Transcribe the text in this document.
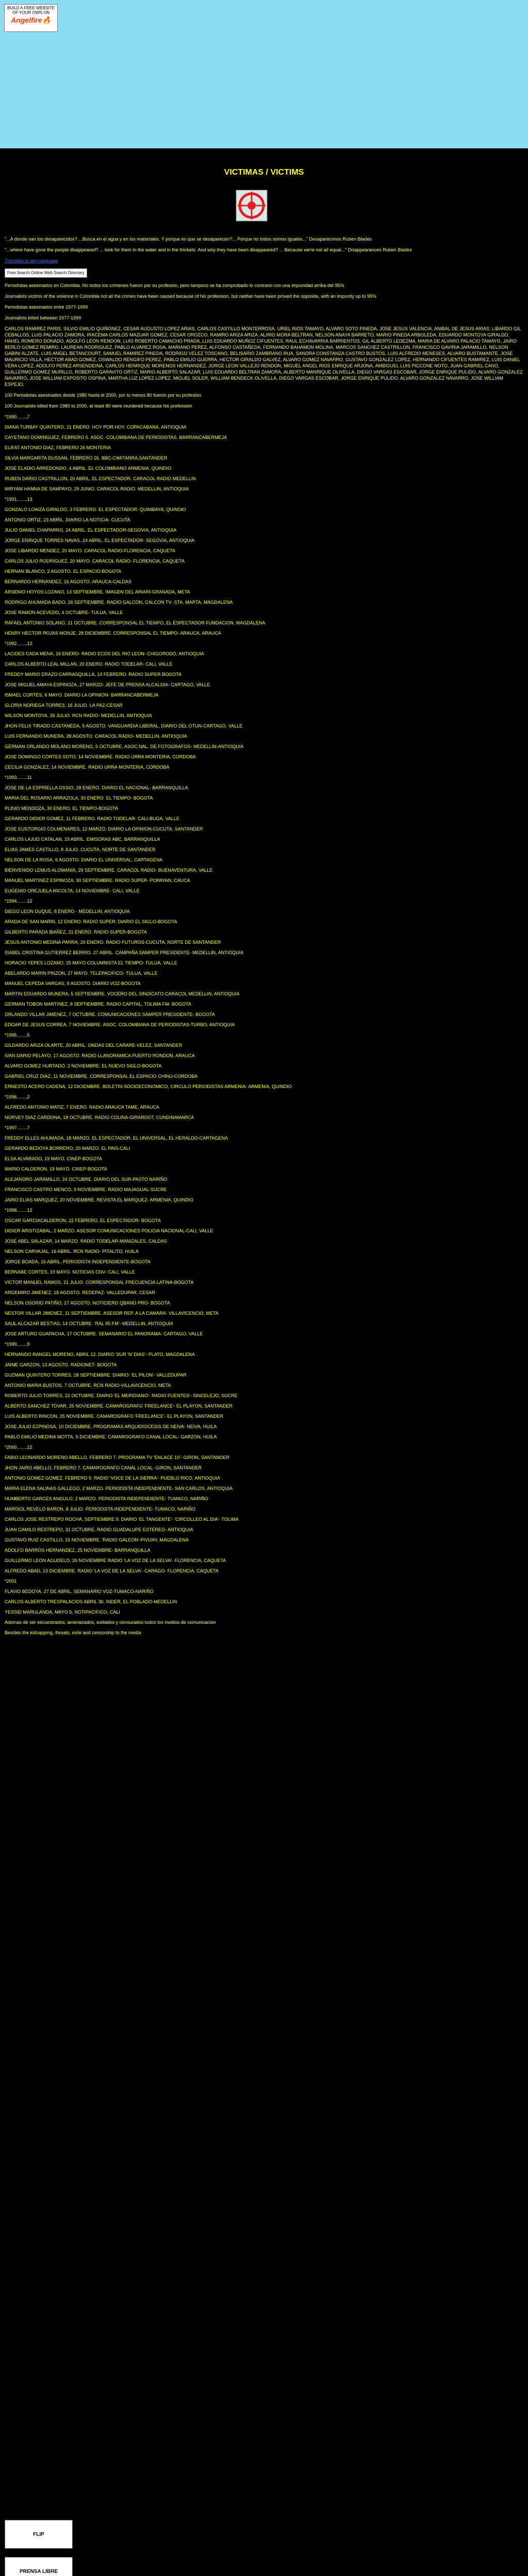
BUILD A FREE WEBSITE OF YOUR OWN ON
Angelfire🔥
VICTIMAS / VICTIMS

"...A donde van los desaparecidos? ...Busca en el agua y en los matorrales. Y porque es que se desaparecen?... Porque no todos somos iguales..." Desaparecimos Ruben Blades

"...where have gone the people disappeared? ... look for them in the water and in the thickets. And why they have been disappeared? ... Because we're not all equal..." Disappearances Ruben Blades

Translate to any language

Free Search Online Web Search Directory

Periodistas asesinados en Colombia. No todos los crímenes fueron por su profesión, pero tampoco se ha comprobado lo contrario con una impunidad arriba del 95%

Journalists victims of the violence in Colombia not all the crimes have been caused because of his profession, but neither have been proved the opposite, with an impunity up to 95%

Periodistas asesinados entre 1977-1999

Journalists killed between 1977-1999

CARLOS RAMIREZ PARIS, SILVIO EMILIO QUIÑONEZ, CESAR AUGUSTO LOPEZ ARIAS, CARLOS CASTILLO MONTERROSA, URIEL RIOS TAMAYO, ALVARO SOTO PINEDA, JOSE JESUS VALENCIA, ANIBAL DE JESUS ARIAS, LIBARDO GIL CEBALLOS, LUIS PALACIO ZAMORA, IRACEMA CARLOS MAZUAR GOMEZ, CESAR OROZCO, RAMIRO ARIZA ARIZA, ALIRIO MORA BELTRAN, NELSON ANAYA BARRETO, MARIO PINEDA ARBOLEDA, EDUARDO MONTOYA GIRALDO, HAHEL ROMERO DONADO, ADOLFO LEON RENDON, LUIS ROBERTO CAMACHO PRADA, LUIS EDUARDO MUÑOZ CIFUENTES, RAUL ECHAVARRIA BARRIENTOS, GIL ALBERTO LEDEZMA, MARIA DE ALVARO PALACIO TAMAYO, JAIRO BERLO GOMEZ REMIRO, LAUREAN RODRIGUEZ, PABLO ALVAREZ ROSA, MARIANO PEREZ, ALFONSO CASTAÑEDA, FERNANDO BAHAMON MOLINA, MARCOS SANCHEZ CASTRILLON, FRANCISCO GAVIRIA JARAMILLO, NELSON GABINI ALZATE, LUIS ANGEL BETANCOURT, SAMUEL RAMIREZ PINEDA, RODRIGO VELEZ TOSCANO, BELISARIO ZAMBRANO RUA, SANDRA CONSTANZA CASTRO BUSTOS, LUIS ALFREDO MENESES, ALVARO BUSTAMANTE, JOSE MAURICIO VILLA, HECTOR ABAD GOMEZ, OSWALDO RENGIFO PEREZ, PABLO EMILIO GUERRA, HECTOR GIRALDO GALVEZ, ALVARO GOMEZ NAVARRO, GUSTAVO GONZALEZ LOPEZ, HERNANDO CIFUENTES RAMIREZ, LUIS DANIEL VERA LOPEZ, ADOLFO PEREZ ARSENDEINA, CARLOS HENRIQUE MORENOS HERNANDEZ, JORGE LEON VALLEJO RENDON, MIGUEL ANGEL RIOS ENRIQUE ARJONA, AMBIGUEL LUIS PICCONE NOTO, JUAN GABRIEL CANO, GUILLERMO GOMEZ MURILLO, ROBERTO GARAVITO ORTIZ, MARIO ALBERTO SALAZAR, LUIS EDUARDO BELTRAN ZAMORA, ALBERTO MANRIQUE OLIVELLA, DIEGO VARGAS ESCOBAR, JORGE ENRIQUE PULIDO, ALVARO GONZALEZ NAVARRO, JOSE WILLIAM EXPOSITO OSPINA, MARTHA LUZ LOPEZ LOPEZ, MIGUEL SOLER, WILLIAM BENDECK OLIVELLA, DIEGO VARGAS ESCOBAR, JORGE ENRIQUE PULIDO, ALVARO GONZALEZ NAVARRO, JOSE WILLIAM ESPEJO.

100 Periodistas asesinados desde 1980 hasta el 2000, por lo menos 80 fueron por su profesion.

100 Journalists killed from 1980 to 2000, at least 80 were murdered because his profession

*1990........7

DIANA TURBAY QUINTERO, 21 ENERO. HOY POR HOY. COPACABANA, ANTIOQUIA

CAYETANO DOMINGUEZ, FEBRERO 5. ASOC. COLOMBIANA DE PERIODISTAS. BARRANCABERMEJA

ELIFAT ANTONIO DIAZ, FEBRERO 26 MONTERIA

SILVIA MARGARITA DUSSAN, FEBRERO 26. BBC-CIMITARRA,SANTANDER

JOSE ELADIO ARREDONDO, 4 ABRIL. EL COLOMBIANO ARMENIA, QUINDIO

RUBEN DARIO CASTRILLON, 20 ABRIL. EL ESPECTADOR. CARACOL RADIO MEDELLIN

MIRYAM HANNA DE SAMPAYO, 29 JUNIO. CARACOL RADIO. MEDELLIN, ANTIOQUIA

*1991........13

GONZALO LOAIZA GIRALDO, 3 FEBRERO. EL ESPECTADOR- QUIMBAYA, QUINDIO

ANTONIO ORTIZ, 23 ABRIL. DIARIO LA NOTICIA- CUCUTA

JULIO DANIEL CHAPARRO, 24 ABRIL. EL ESPECTADOR-SEGOVIA, ANTIOQUIA

JORGE ENRIQUE TORRES NAVAS, 24 ABRIL. EL ESPECTADOR- SEGOVIA, ANTIOQUIA

JOSE LIBARDO MENDEZ, 20 MAYO. CARACOL RADIO-FLORENCIA, CAQUETA

CARLOS JULIO RODRIGUEZ, 20 MAYO. CARACOL RADIO- FLORENCIA, CAQUETA

HERNAN BLANCO, 2 AGOSTO. EL ESPACIO-BOGOTA

BERNARDO HERNANDEZ, 16 AGOSTO. ARAUCA-CALDAS

ARSENIO HOYOS LOZANO, 13 SEPTIEMBRE. IMAGEN DEL ARIARI-GRANADA, META

RODRIGO AHUMADA BADO, 26 SEPTIEMBRE. RADIO GALCON, CALCON TV- STA. MARTA, MAGDALENA

JOSE RAMON ACEVEDO, 4 OCTUBRE- TULUA, VALLE

RAFAEL ANTONIO SOLANO, 21 OCTUBRE. CORRESPONSAL EL TIEMPO, EL ESPECTADOR FUNDACION, MAGDALENA

HENRY HECTOR ROJAS MONJE, 28 DICIEMBRE. CORRESPONSAL EL TIEMPO- ARAUCA, ARAUCA

*1992........12

LACIDES CADA MENA, 16 ENERO- RADIO ECOS DEL RIO LEON- CHIGORODO, ANTIOQUIA

CARLOS ALBERTO LEAL MILLAN, 20 ENERO. RADIO TODELAR- CALI, VALLE

FREDDY MARIO ERAZO CARRASQUILLA, 14 FEBRERO. RADIO SUPER-BOGOTA

JOSE MIGUEL AMAYA ESPINOZA, 27 MARZO- JEFE DE PRENSA ALCALDIA- CARTAGO, VALLE

ISMAEL CORTES, 6 MAYO. DIARIO LA OPINION- BARRANCABERMEJA

GLORIA NORIEGA TORRES, 16 JULIO. LA PAZ-CESAR

WILSON MONTOYA, 26 JULIO. RCN RADIO- MEDELLIN, ANTIOQUIA

JHON FELIX TIRADO CASTANEDA, 5 AGOSTO. VANGUARDIA LIBERAL, DIARIO DEL OTUN-CARTAGO, VALLE

LUIS FERNANDO MUNERA, 28 AGOSTO. CARACOL RADIO- MEDELLIN, ANTIOQUIA

GERMAN ORLANDO MOLANO MORENO, 5 OCTUBRE. ASOC.NAL. DE FOTOGRAFOS- MEDELLIN-ANTIOQUIA

JOSE DOMINGO CORTES SOTO, 14 NOVIEMBRE. RADIO URRA MONTERIA, CORDOBA

CECILIA GONZALEZ, 14 NOVIEMBRE. RADIO URRA-MONTERIA, CORDOBA

*1993........11

JOSE DE LA ESPRIELLA OSSIO, 28 ENERO. DIARIO EL NACIONAL- BARRANQUILLA

MARIA DEL ROSARIO ARRAZOLA, 30 ENERO. EL TIEMPO- BOGOTA

PLINIO MENDOZA, 30 ENERO. EL TIEMPO-BOGOTA

GERARDO DIDIER GOMEZ, 11 FEBRERO. RADIO TODELAR- CALI-BUGA, VALLE

JOSE EUSTORGIO COLMENARES, 12 MARZO. DIARIO LA OPINION-CUCUTA, SANTANDER

CARLOS LAJUD CATALAN, 19 ABRIL. EMISORAS ABC, BARRANQUILLA

ELIAS JAMES CASTILLO, 8 JULIO. CUCUTA, NORTE DE SANTANDER

NELSON DE LA ROSA, 6 AGOSTO. DIARIO EL UNIVERSAL, CARTAGENA

BIENVENIDO LEMUS ALOMANIA, 29 SEPTIEMBRE. CARACOL RADIO- BUENAVENTURA, VALLE

MANUEL MARTINEZ ESPINOZA, 30 SEPTIEMBRE. RADIO SUPER- POPAYAN, CAUCA

EUGENIO OREJUELA MICOLTA, 14 NOVIEMBRE- CALI, VALLE

*1994........12

DIEGO LEON DUQUE, 8 ENERO - MEDELLIN, ANTIOQUIA

ARADA DE SAN MARIN, 12 ENERO. RADIO SUPER; DIARIO EL SIGLO-BOGOTA

GILBERTO PARADA IBAÑEZ, 21 ENERO. RADIO SUPER-BOGOTA

JESUS ANTONIO MEDINA PARRA, 29 ENERO. RADIO FUTUROS-CUCUTA, NORTE DE SANTANDER

ISABEL CRISTINA GUTIERREZ BERRIO, 27 ABRIL. CAMPAÑA SAMPER PRESIDENTE- MEDELLIN, ANTIOQUIA

HORACIO YEPES LOZANO, 25 MAYO COLUMNISTA EL TIEMPO- TULUA, VALLE

ABELARDO MARIN PINZON, 27 MAYO. TELEPACIFICO- TULUA, VALLE

MANUEL CEPEDA VARGAS, 9 AGOSTO. DIARIO VOZ-BOGOTA

MARTIN EDUARDO MUNERA, 5 SEPTIEMBRE. VOCERO DEL SINDICATO CARACOL MEDELLIN, ANTIOQUIA

GERMAN TOBON MARTINEZ, 8 SEPTIEMBRE. RADIO CAPITAL, TOLIMA FM- BOGOTA

ORLANDO VILLAR JIMENEZ, 7 OCTUBRE. COMUNICACIONES SAMPER PRESIDENTE- BOGOTA

EDGAR DE JESUS CORREA, 7 NOVIEMBRE. ASOC. COLOMBIANA DE PERIODISTAS-TURBO, ANTIOQUIA

*1995........5

GILDARDO ARIZA OLARTE, 20 ABRIL. ONDAS DEL CARARE-VELEZ, SANTANDER

IVAN DARIO PELAYO, 17 AGOSTO. RADIO LLANORAMICA PUERTO RONDON, ARAUCA

ALVARO GOMEZ HURTADO, 2 NOVIEMBRE. EL NUEVO SIGLO-BOGOTA

GABRIEL CRUZ DIAZ, 11 NOVIEMBRE. CORRESPONSAL EL ESPACIO CHINU-CORDOBA

ERNESTO ACERO CADENA, 12 DICIEMBRE. BOLETIN SOCIOECONOMICO, CIRCULO PERIODISTAS ARMENIA- ARMENIA, QUINDIO

*1996........2

ALFREDO ANTONIO MATIZ, 7 ENERO. RADIO ARAUCA TAME, ARAUCA

NORVEY DIAZ CARDONA, 18 OCTUBRE. RADIO COLINA-GIRARDOT, CUNDINAMARCA

*1997........7

FREDDY ELLES AHUMADA, 18 MARZO. EL ESPECTADOR, EL UNIVERSAL, EL HERALDO-CARTAGENA

GERARDO BEDOYA BORRERO, 20 MARZO. EL PAIS-CALI

ELSA ALVARADO, 19 MAYO. CINEP-BOGOTA

MARIO CALDERON, 19 MAYO. CINEP-BOGOTA

ALEJANDRO JARAMILLO, 24 OCTUBRE. DIARIO DEL SUR-PASTO NARIÑO

FRANCISCO CASTRO MENCO, 9 NOVIEMBRE. RADIO MAJAGUAL-SUCRE

JAIRO ELIAS MARQUEZ, 20 NOVIEMBRE. REVISTA EL MARQUEZ- ARMENIA, QUINDIO

*1998........12

OSCAR GARCIACALDERON, 22 FEBRERO. EL ESPECTADOR- BOGOTA

DIDIER ARISTIZABAL, 2 MARZO. ASESOR COMUNICACIONES POLICIA NACIONAL-CALI, VALLE

JOSE ABEL SALAZAR, 14 MARZO. RADIO TODELAR-MANIZALES, CALDAS

NELSON CARVAJAL, 16 ABRIL. RCN RADIO- PITALITO, HUILA

JORGE BOADA, 16 ABRIL. PERIODISTA INDEPENDIENTE-BOGOTA

BERNABE CORTES, 19 MAYO. NOTICIAS CNV- CALI, VALLE

VICTOR MANUEL RAMOS, 21 JULIO. CORRESPONSAL FRECUENCIA LATINA-BOGOTA

ARGEMIRO JIMENEZ, 18 AGOSTO. REDEPAZ- VALLEDUPAR, CESAR

NELSON OSORIO PATIÑO, 27 AGOSTO. NOTICIERO QBANO PRO- BOGOTA

NESTOR VILLAR JIMENEZ, 11 SEPTIEMBRE. ASESOR REP. A LA CAMARA- VILLAVICENCIO, META

SAUL ALCAZAR BESTIAS, 14 OCTUBRE. 'RAL 95 FM'- MEDELLIN, ANTIOQUIA

JOSE ARTURO GUAPACHA, 17 OCTUBRE. SEMANARIO EL PANORAMA- CARTAGO, VALLE

*1999........9

HERNANDO RANGEL MORENO, ABRIL 12. DIARIO 'SUR 'N' DIAS'- PLATO, MAGDALENA

JAIME GARZON, 13 AGOSTO. RADIONET- BOGOTA

GUZMAN QUINTERO TORRES, 18 SEPTIEMBRE. DIARIO: 'EL PILON'- VALLEDUPAR

ANTONIO MARIA BUSTOS, 7 OCTUBRE. RCN RADIO-VILLAVICENCIO, META

ROBERTO JULIO TORRES, 22 OCTUBRE. DIARIO 'EL MERIDIANO'- RADIO FUENTES'- SINCELEJO, SUCRE

ALBERTO SANCHEZ TOVAR, 25 NOVIEMBRE. CAMAROGRAFO 'FREELANCE'- EL PLAYON, SANTANDER

LUIS ALBERTO RINCON, 25 NOVIEMBRE. CAMAROGRAFO 'FREELANCE'- EL PLAYON, SANTANDER

JOSE JULIO EZPINOSA, 10 DICIEMBRE. PROGRAMAS ARQUIDIOCESIS DE NEIVA- NEIVA, HUILA

PABLO EMILIO MEDINA MOTTA, 5 DICIEMBRE. CAMAROGRAFO CANAL LOCAL- GARZON, HUILA

*2000........12

FABIO LEONARDO MORENO ABELLO, FEBRERO 7. PROGRAMA TV 'ENLACE 10'- GIRON, SANTANDER

JHON JAIRO ABELLO, FEBRERO 7. CAMAROGRAFO CANAL LOCAL- GIRON, SANTANDER

ANTONIO GOMEZ GOMEZ, FEBRERO 9. RADIO 'VOCE DE LA SIERRA'- PUEBLO RICO, ANTIOQUIA

MARIA ELENA SALINAS GALLEGO, 2 MARZO. PERIODISTA INDEPENDIENTE- SAN CARLOS, ANTIOQUIA

HUMBERTO GARCES ANGULO, 2 MARZO. PERIODISTA INDEPENDIENTE- TUMACO, NARIÑO

MARISOL REVELO BARON, 8 JULIO. PERIODISTA INDEPENDIENTE- TUMACO, NARIÑO

CARLOS JOSE RESTREPO ROCHA, SEPTIEMBRE 9. DIARIO 'EL TANGENTE'- 'CIRCOLLEO AL DIA'- TOLIMA

JUAN CAMILO RESTREPO, 31 OCTUBRE. RADIO GUADALUPE ESTEREO- ANTIOQUIA

GUSTAVO RUIZ CASTILLO, 15 NOVIEMBRE. 'RADIO GALEON'-PIVIJAY, MAGDALENA

ADOLFO BARROS HERNANDEZ, 25 NOVIEMBRE- BARRANQUILLA

GUILLERMO LEON AGUDELO, 26 NOVIEMBRE RADIO 'LA VOZ DE LA SELVA'- FLORENCIA, CAQUETA

ALFREDO ABAD, 13 DICIEMBRE. RADIO 'LA VOZ DE LA SELVA'- CARAGO- FLORENCIA, CAQUETA

*2001

FLAVIO BEDOYA, 27 DE ABRIL, SEMANARIO VOZ-TUMACO-NARIÑO

CARLOS ALBERTO TRESPALACIOS ABRIL 30, INDER, EL POBLADO-MEDELLIN

YESSID MARULANDA, MAYO 5, NOTIPACIFICO, CALI

Ademas de ser secuestrados, amenazados, exiliados y censurados todos los medios de comunicacion

Besides the kidnapping, threats, exile and censorship to the media

FLIP
PRENSA LIBRE
